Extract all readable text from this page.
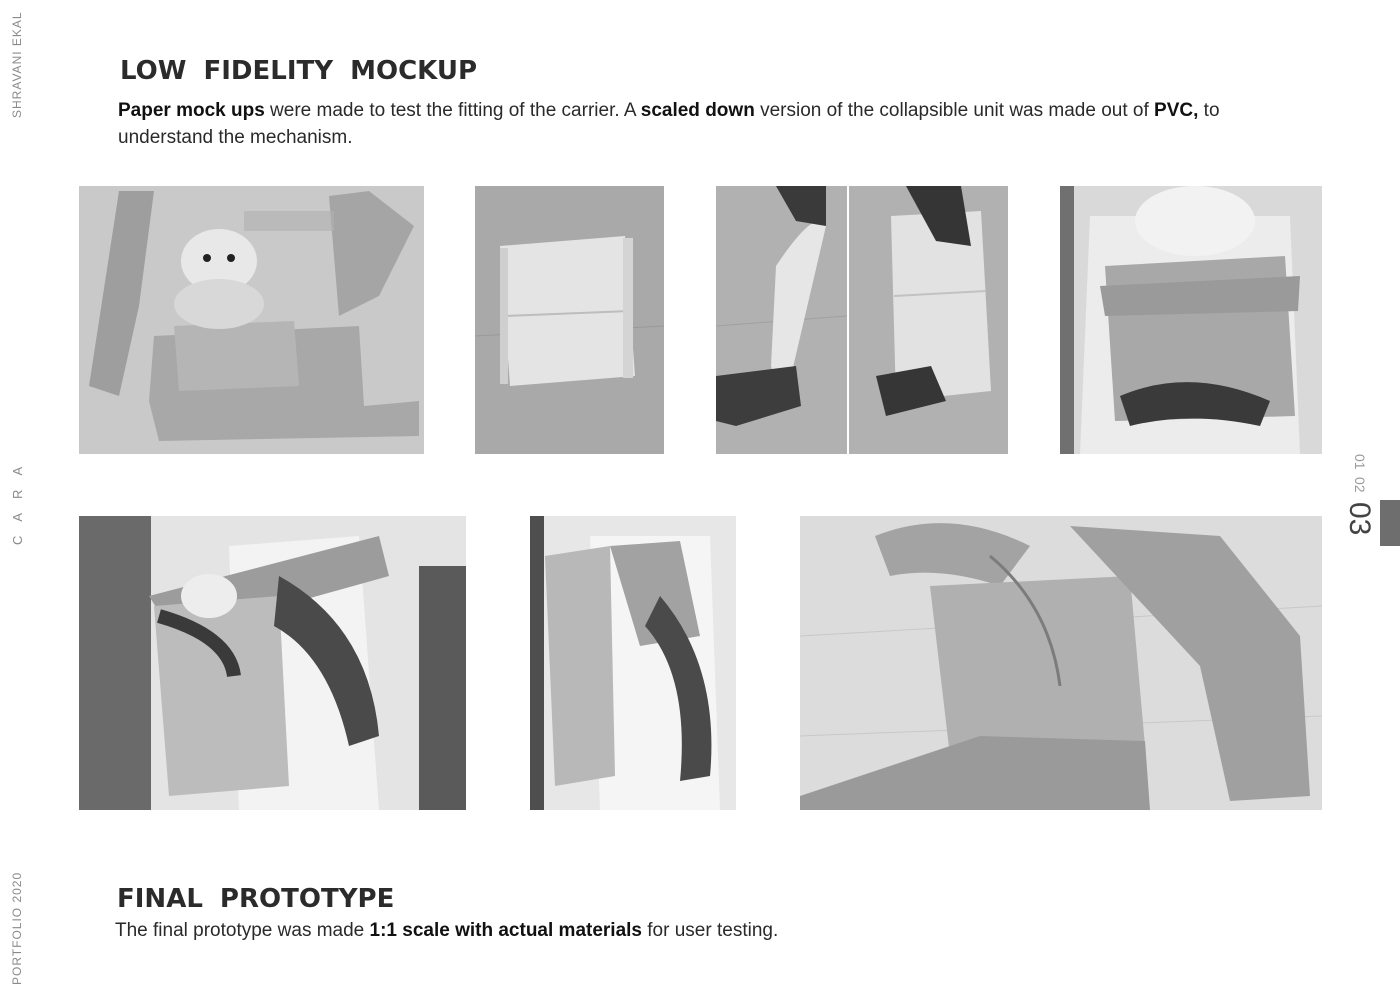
SHRAVANI EKAL
CARA
PORTFOLIO 2020
LOW FIDELITY MOCKUP

Paper mock ups were made to test the fitting of the carrier. A scaled down version of the collapsible unit was made out of PVC, to understand the mechanism.

FINAL PROTOTYPE

The final prototype was made 1:1 scale with actual materials for user testing.

01
02
03
